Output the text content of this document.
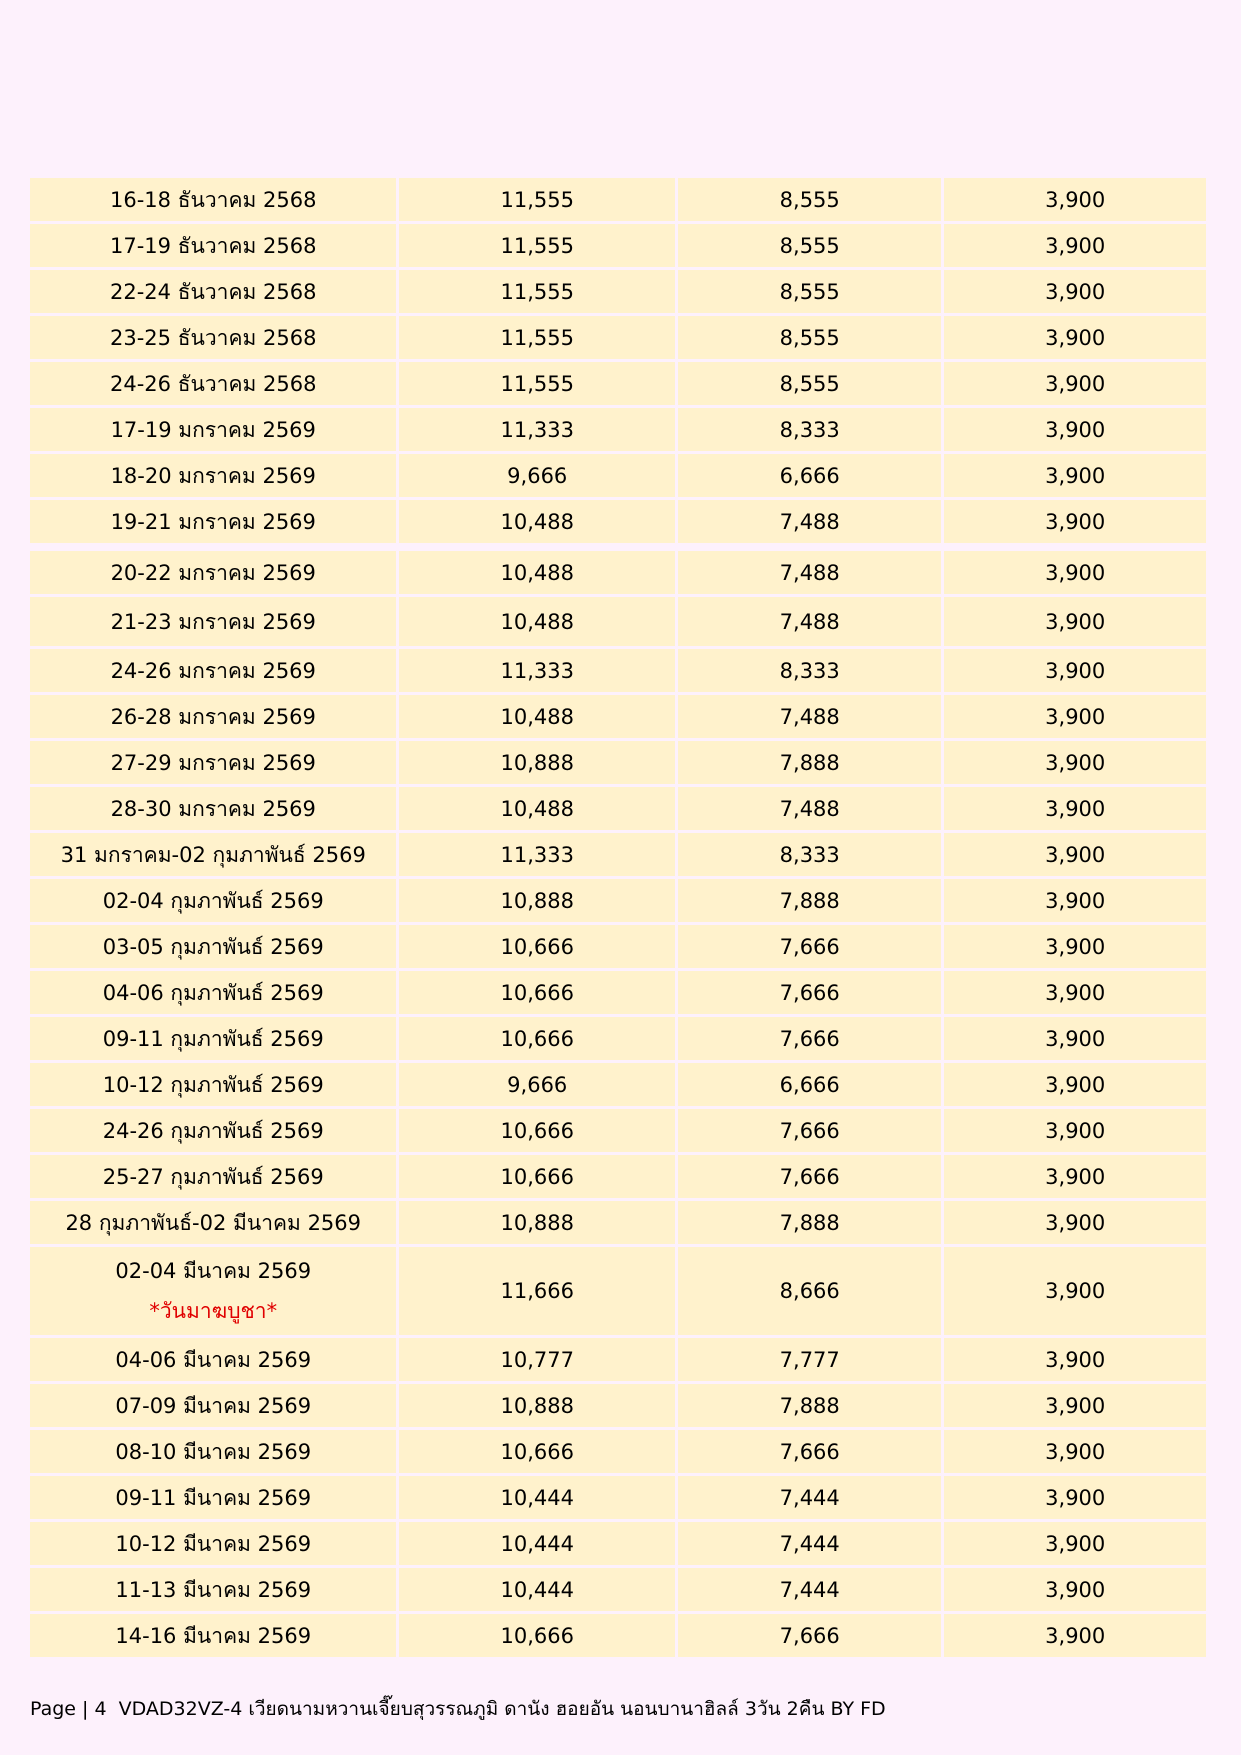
16-18 ธันวาคม 2568	11,555	8,555	3,900
17-19 ธันวาคม 2568	11,555	8,555	3,900
22-24 ธันวาคม 2568	11,555	8,555	3,900
23-25 ธันวาคม 2568	11,555	8,555	3,900
24-26 ธันวาคม 2568	11,555	8,555	3,900
17-19 มกราคม 2569	11,333	8,333	3,900
18-20 มกราคม 2569	9,666	6,666	3,900
19-21 มกราคม 2569	10,488	7,488	3,900
20-22 มกราคม 2569	10,488	7,488	3,900
21-23 มกราคม 2569	10,488	7,488	3,900
24-26 มกราคม 2569	11,333	8,333	3,900
26-28 มกราคม 2569	10,488	7,488	3,900
27-29 มกราคม 2569	10,888	7,888	3,900
28-30 มกราคม 2569	10,488	7,488	3,900
31 มกราคม-02 กุมภาพันธ์ 2569	11,333	8,333	3,900
02-04 กุมภาพันธ์ 2569	10,888	7,888	3,900
03-05 กุมภาพันธ์ 2569	10,666	7,666	3,900
04-06 กุมภาพันธ์ 2569	10,666	7,666	3,900
09-11 กุมภาพันธ์ 2569	10,666	7,666	3,900
10-12 กุมภาพันธ์ 2569	9,666	6,666	3,900
24-26 กุมภาพันธ์ 2569	10,666	7,666	3,900
25-27 กุมภาพันธ์ 2569	10,666	7,666	3,900
28 กุมภาพันธ์-02 มีนาคม 2569	10,888	7,888	3,900
02-04 มีนาคม 2569
*วันมาฆบูชา*	11,666	8,666	3,900
04-06 มีนาคม 2569	10,777	7,777	3,900
07-09 มีนาคม 2569	10,888	7,888	3,900
08-10 มีนาคม 2569	10,666	7,666	3,900
09-11 มีนาคม 2569	10,444	7,444	3,900
10-12 มีนาคม 2569	10,444	7,444	3,900
11-13 มีนาคม 2569	10,444	7,444	3,900
14-16 มีนาคม 2569	10,666	7,666	3,900
Page | 4 VDAD32VZ-4 เวียดนามหวานเจี๊ยบสุวรรณภูมิ ดานัง ฮอยอัน นอนบานาฮิลล์ 3วัน 2คืน BY FD
